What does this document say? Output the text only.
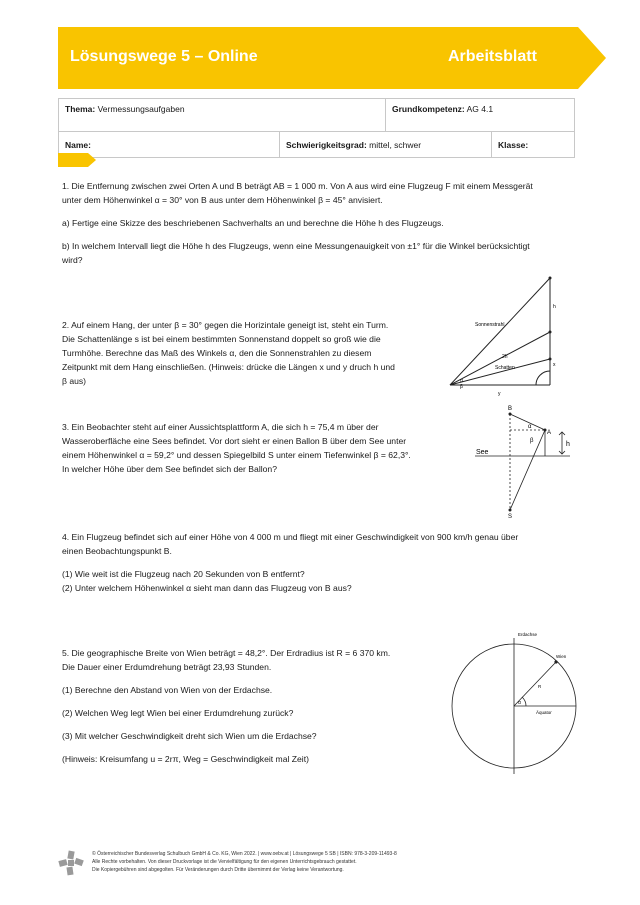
Lösungswege 5 – Online	Arbeitsblatt
Thema: Vermessungsaufgaben		Grundkompetenz: AG 4.1	
Name:	Schwierigkeitsgrad: mittel, schwer		Klasse:
1. Die Entfernung zwischen zwei Orten A und B beträgt AB = 1 000 m. Von A aus wird eine Flugzeug F mit einem Messgerät
unter dem Höhenwinkel α = 30° von B aus unter dem Höhenwinkel β = 45° anvisiert.
a) Fertige eine Skizze des beschriebenen Sachverhalts an und berechne die Höhe h des Flugzeugs.
b) In welchem Intervall liegt die Höhe h des Flugzeugs, wenn eine Messungenauigkeit von ±1° für die Winkel berücksichtigt
wird?
2. Auf einem Hang, der unter β = 30° gegen die Horizintale geneigt ist, steht ein Turm.
Die Schattenlänge s ist bei einem bestimmten Sonnenstand doppelt so groß wie die
Turmhöhe. Berechne das Maß des Winkels α, den die Sonnenstrahlen zu diesem
Zeitpunkt mit dem Hang einschließen. (Hinweis: drücke die Längen x und y druch h und
β aus)
Sonnenstrahl
2h
Schatten
h
x
y
α
β
3. Ein Beobachter steht auf einer Aussichtsplattform A, die sich h = 75,4 m über der
Wasseroberfläche eine Sees befindet. Vor dort sieht er einen Ballon B über dem See unter
einem Höhenwinkel α = 59,2° und dessen Spiegelbild S unter einem Tiefenwinkel β = 62,3°.
In welcher Höhe über dem See befindet sich der Ballon?
B
A
S
See
h
α
β
4. Ein Flugzeug befindet sich auf einer Höhe von 4 000 m und fliegt mit einer Geschwindigkeit von 900 km/h genau über
einen Beobachtungspunkt B.
(1) Wie weit ist die Flugzeug nach 20 Sekunden von B entfernt?
(2) Unter welchem Höhenwinkel α sieht man dann das Flugzeug von B aus?
5. Die geographische Breite von Wien beträgt = 48,2°. Der Erdradius ist R = 6 370 km.
Die Dauer einer Erdumdrehung beträgt 23,93 Stunden.
(1) Berechne den Abstand von Wien von der Erdachse.
(2) Welchen Weg legt Wien bei einer Erdumdrehung zurück?
(3) Mit welcher Geschwindigkeit dreht sich Wien um die Erdachse?
(Hinweis: Kreisumfang u = 2rπ, Weg = Geschwindigkeit mal Zeit)
Erdachse
Wien
R
Äquator
α
© Österreichischer Bundesverlag Schulbuch GmbH & Co. KG, Wien 2022. | www.oebv.at | Lösungswege 5 SB | ISBN: 978-3-209-11493-8
Alle Rechte vorbehalten. Von dieser Druckvorlage ist die Vervielfältigung für den eigenen Unterrichtsgebrauch gestattet.
Die Kopiergebühren sind abgegolten. Für Veränderungen durch Dritte übernimmt der Verlag keine Verantwortung.
